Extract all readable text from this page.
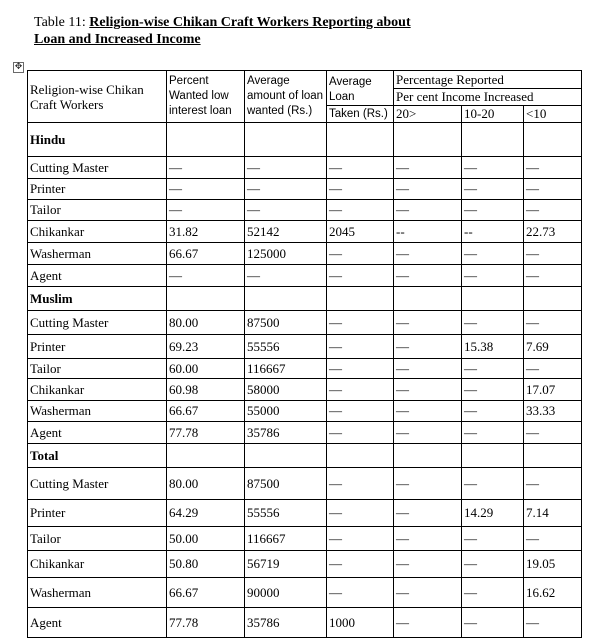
Table 11: Religion-wise Chikan Craft Workers Reporting about
Loan and Increased Income
✥
Religion-wise Chikan Craft Workers	Percent Wanted low interest loan	Average amount of loan wanted (Rs.)	Average Loan	Percentage Reported		

				Per cent Income Increased		
			Taken (Rs.)	20>	10-20	<10
Hindu						
Cutting Master	—	—	—	—	—	—
Printer	—	—	—	—	—	—
Tailor	—	—	—	—	—	—
Chikankar	31.82	52142	2045	--	--	22.73
Washerman	66.67	125000	—	—	—	—
Agent	—	—	—	—	—	—
Muslim						
Cutting Master	80.00	87500	—	—	—	—
Printer	69.23	55556	—	—	15.38	7.69
Tailor	60.00	116667	—	—	—	—
Chikankar	60.98	58000	—	—	—	17.07
Washerman	66.67	55000	—	—	—	33.33
Agent	77.78	35786	—	—	—	—
Total						
Cutting Master	80.00	87500	—	—	—	—
Printer	64.29	55556	—	—	14.29	7.14
Tailor	50.00	116667	—	—	—	—
Chikankar	50.80	56719	—	—	—	19.05
Washerman	66.67	90000	—	—	—	16.62
Agent	77.78	35786	1000	—	—	—
